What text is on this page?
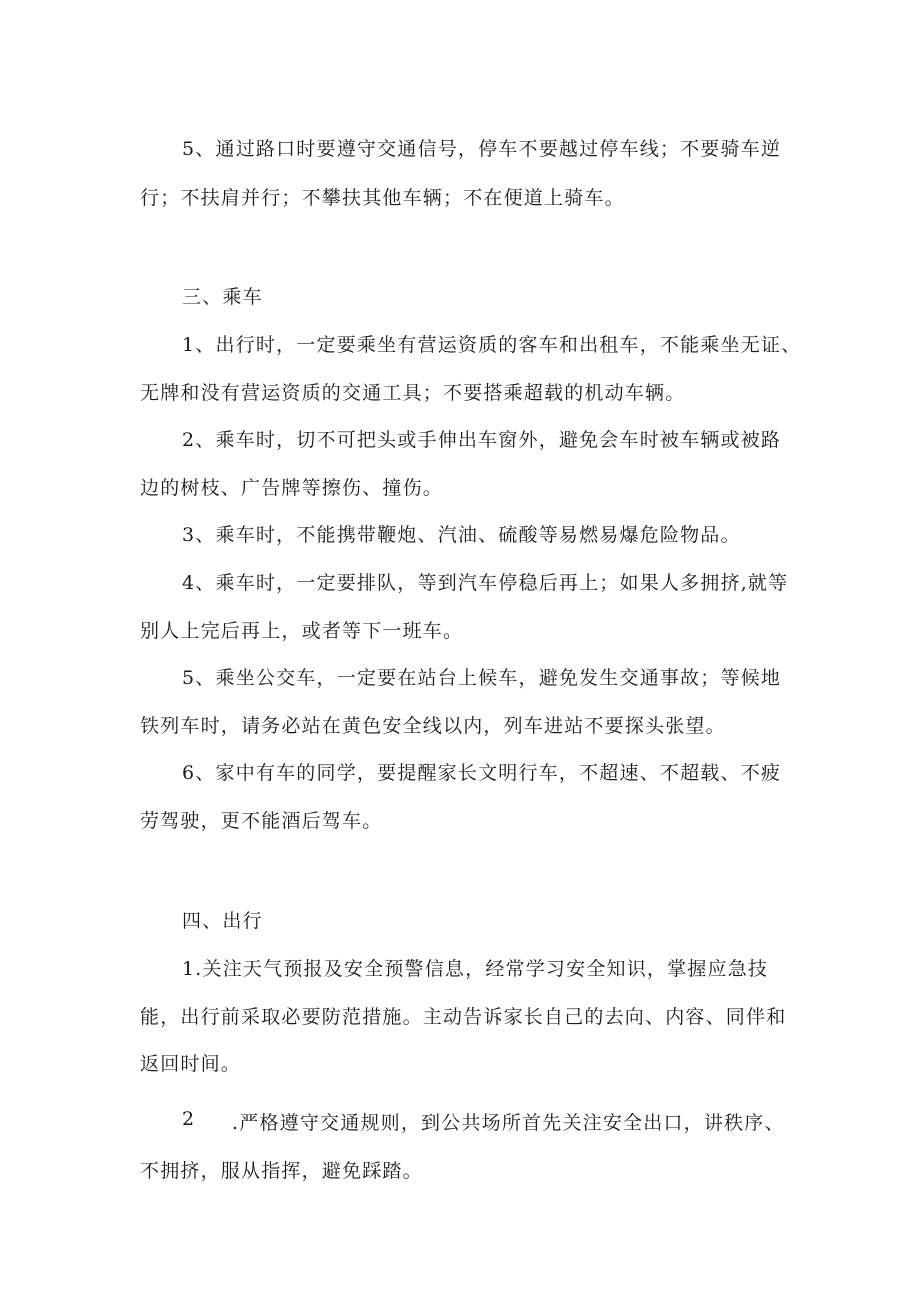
5、通过路口时要遵守交通信号，停车不要越过停车线；不要骑车逆
行；不扶肩并行；不攀扶其他车辆；不在便道上骑车。
三、乘车
1、出行时，一定要乘坐有营运资质的客车和出租车，不能乘坐无证、
无牌和没有营运资质的交通工具；不要搭乘超载的机动车辆。
2、乘车时，切不可把头或手伸出车窗外，避免会车时被车辆或被路
边的树枝、广告牌等擦伤、撞伤。
3、乘车时，不能携带鞭炮、汽油、硫酸等易燃易爆危险物品。
4、乘车时，一定要排队，等到汽车停稳后再上；如果人多拥挤,就等
别人上完后再上，或者等下一班车。
5、乘坐公交车，一定要在站台上候车，避免发生交通事故；等候地
铁列车时，请务必站在黄色安全线以内，列车进站不要探头张望。
6、家中有车的同学，要提醒家长文明行车，不超速、不超载、不疲
劳驾驶，更不能酒后驾车。
四、出行
1.关注天气预报及安全预警信息，经常学习安全知识，掌握应急技
能，出行前采取必要防范措施。主动告诉家长自己的去向、内容、同伴和
返回时间。
2 .严格遵守交通规则，到公共场所首先关注安全出口，讲秩序、
不拥挤，服从指挥，避免踩踏。
